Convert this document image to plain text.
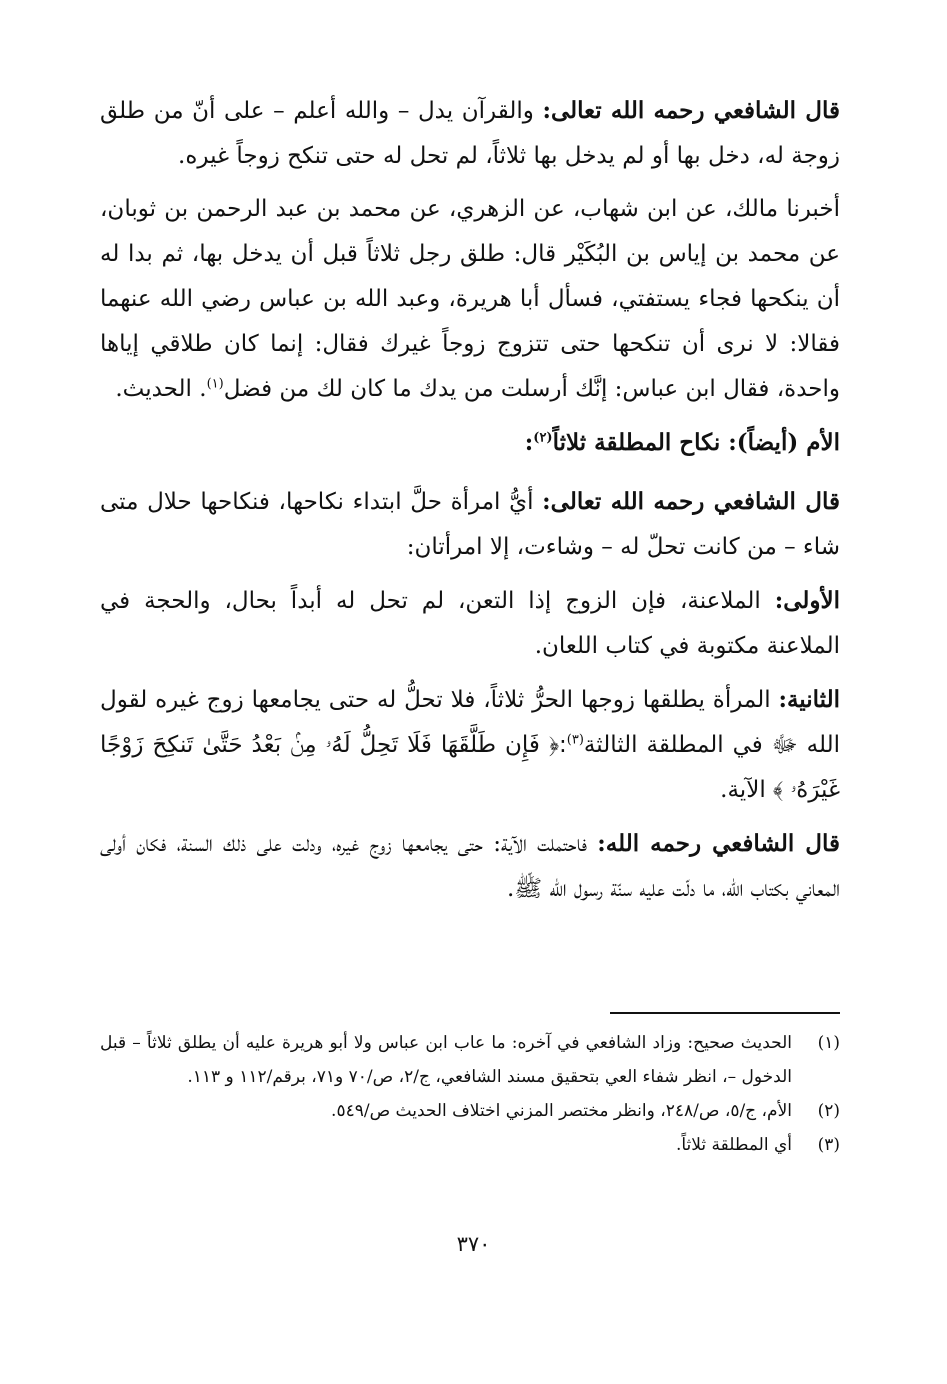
قال الشافعي رحمه الله تعالى: والقرآن يدل – والله أعلم – على أنّ من طلق زوجة له، دخل بها أو لم يدخل بها ثلاثاً، لم تحل له حتى تنكح زوجاً غيره.

أخبرنا مالك، عن ابن شهاب، عن الزهري، عن محمد بن عبد الرحمن بن ثوبان، عن محمد بن إياس بن البُكَيْر قال: طلق رجل ثلاثاً قبل أن يدخل بها، ثم بدا له أن ينكحها فجاء يستفتي، فسأل أبا هريرة، وعبد الله بن عباس رضي الله عنهما فقالا: لا نرى أن تنكحها حتى تتزوج زوجاً غيرك فقال: إنما كان طلاقي إياها واحدة، فقال ابن عباس: إنَّك أرسلت من يدك ما كان لك من فضل$^{(١)}$. الحديث.

الأم (أيضاً): نكاح المطلقة ثلاثاً$^{(٢)}$:

قال الشافعي رحمه الله تعالى: أيُّ امرأة حلَّ ابتداء نكاحها، فنكاحها حلال متى شاء – من كانت تحلّ له – وشاءت، إلا امرأتان:

الأولى: الملاعنة، فإن الزوج إذا التعن، لم تحل له أبداً بحال، والحجة في الملاعنة مكتوبة في كتاب اللعان.

الثانية: المرأة يطلقها زوجها الحرُّ ثلاثاً، فلا تحلُّ له حتى يجامعها زوج غيره لقول الله ﷻ في المطلقة الثالثة$^{(٣)}$:﴿ فَإِن طَلَّقَهَا فَلَا تَحِلُّ لَهُۥ مِنۢ بَعْدُ حَتَّىٰ تَنكِحَ زَوْجًا غَيْرَهُۥ ﴾ الآية.

قال الشافعي رحمه الله: فاحتملت الآية: حتى يجامعها زوج غيره، ودلت على ذلك السنة، فكان أولى المعاني بكتاب الله، ما دلّت عليه سنّة رسول الله ﷺ.

(١)
الحديث صحيح: وزاد الشافعي في آخره: ما عاب ابن عباس ولا أبو هريرة عليه أن يطلق ثلاثاً – قبل الدخول –، انظر شفاء العي بتحقيق مسند الشافعي، ج/٢، ص/٧٠ و٧١، برقم/١١٢ و ١١٣.
(٢)
الأم، ج/٥، ص/٢٤٨، وانظر مختصر المزني اختلاف الحديث ص/٥٤٩.
(٣)
أي المطلقة ثلاثاً.
٣٧٠
